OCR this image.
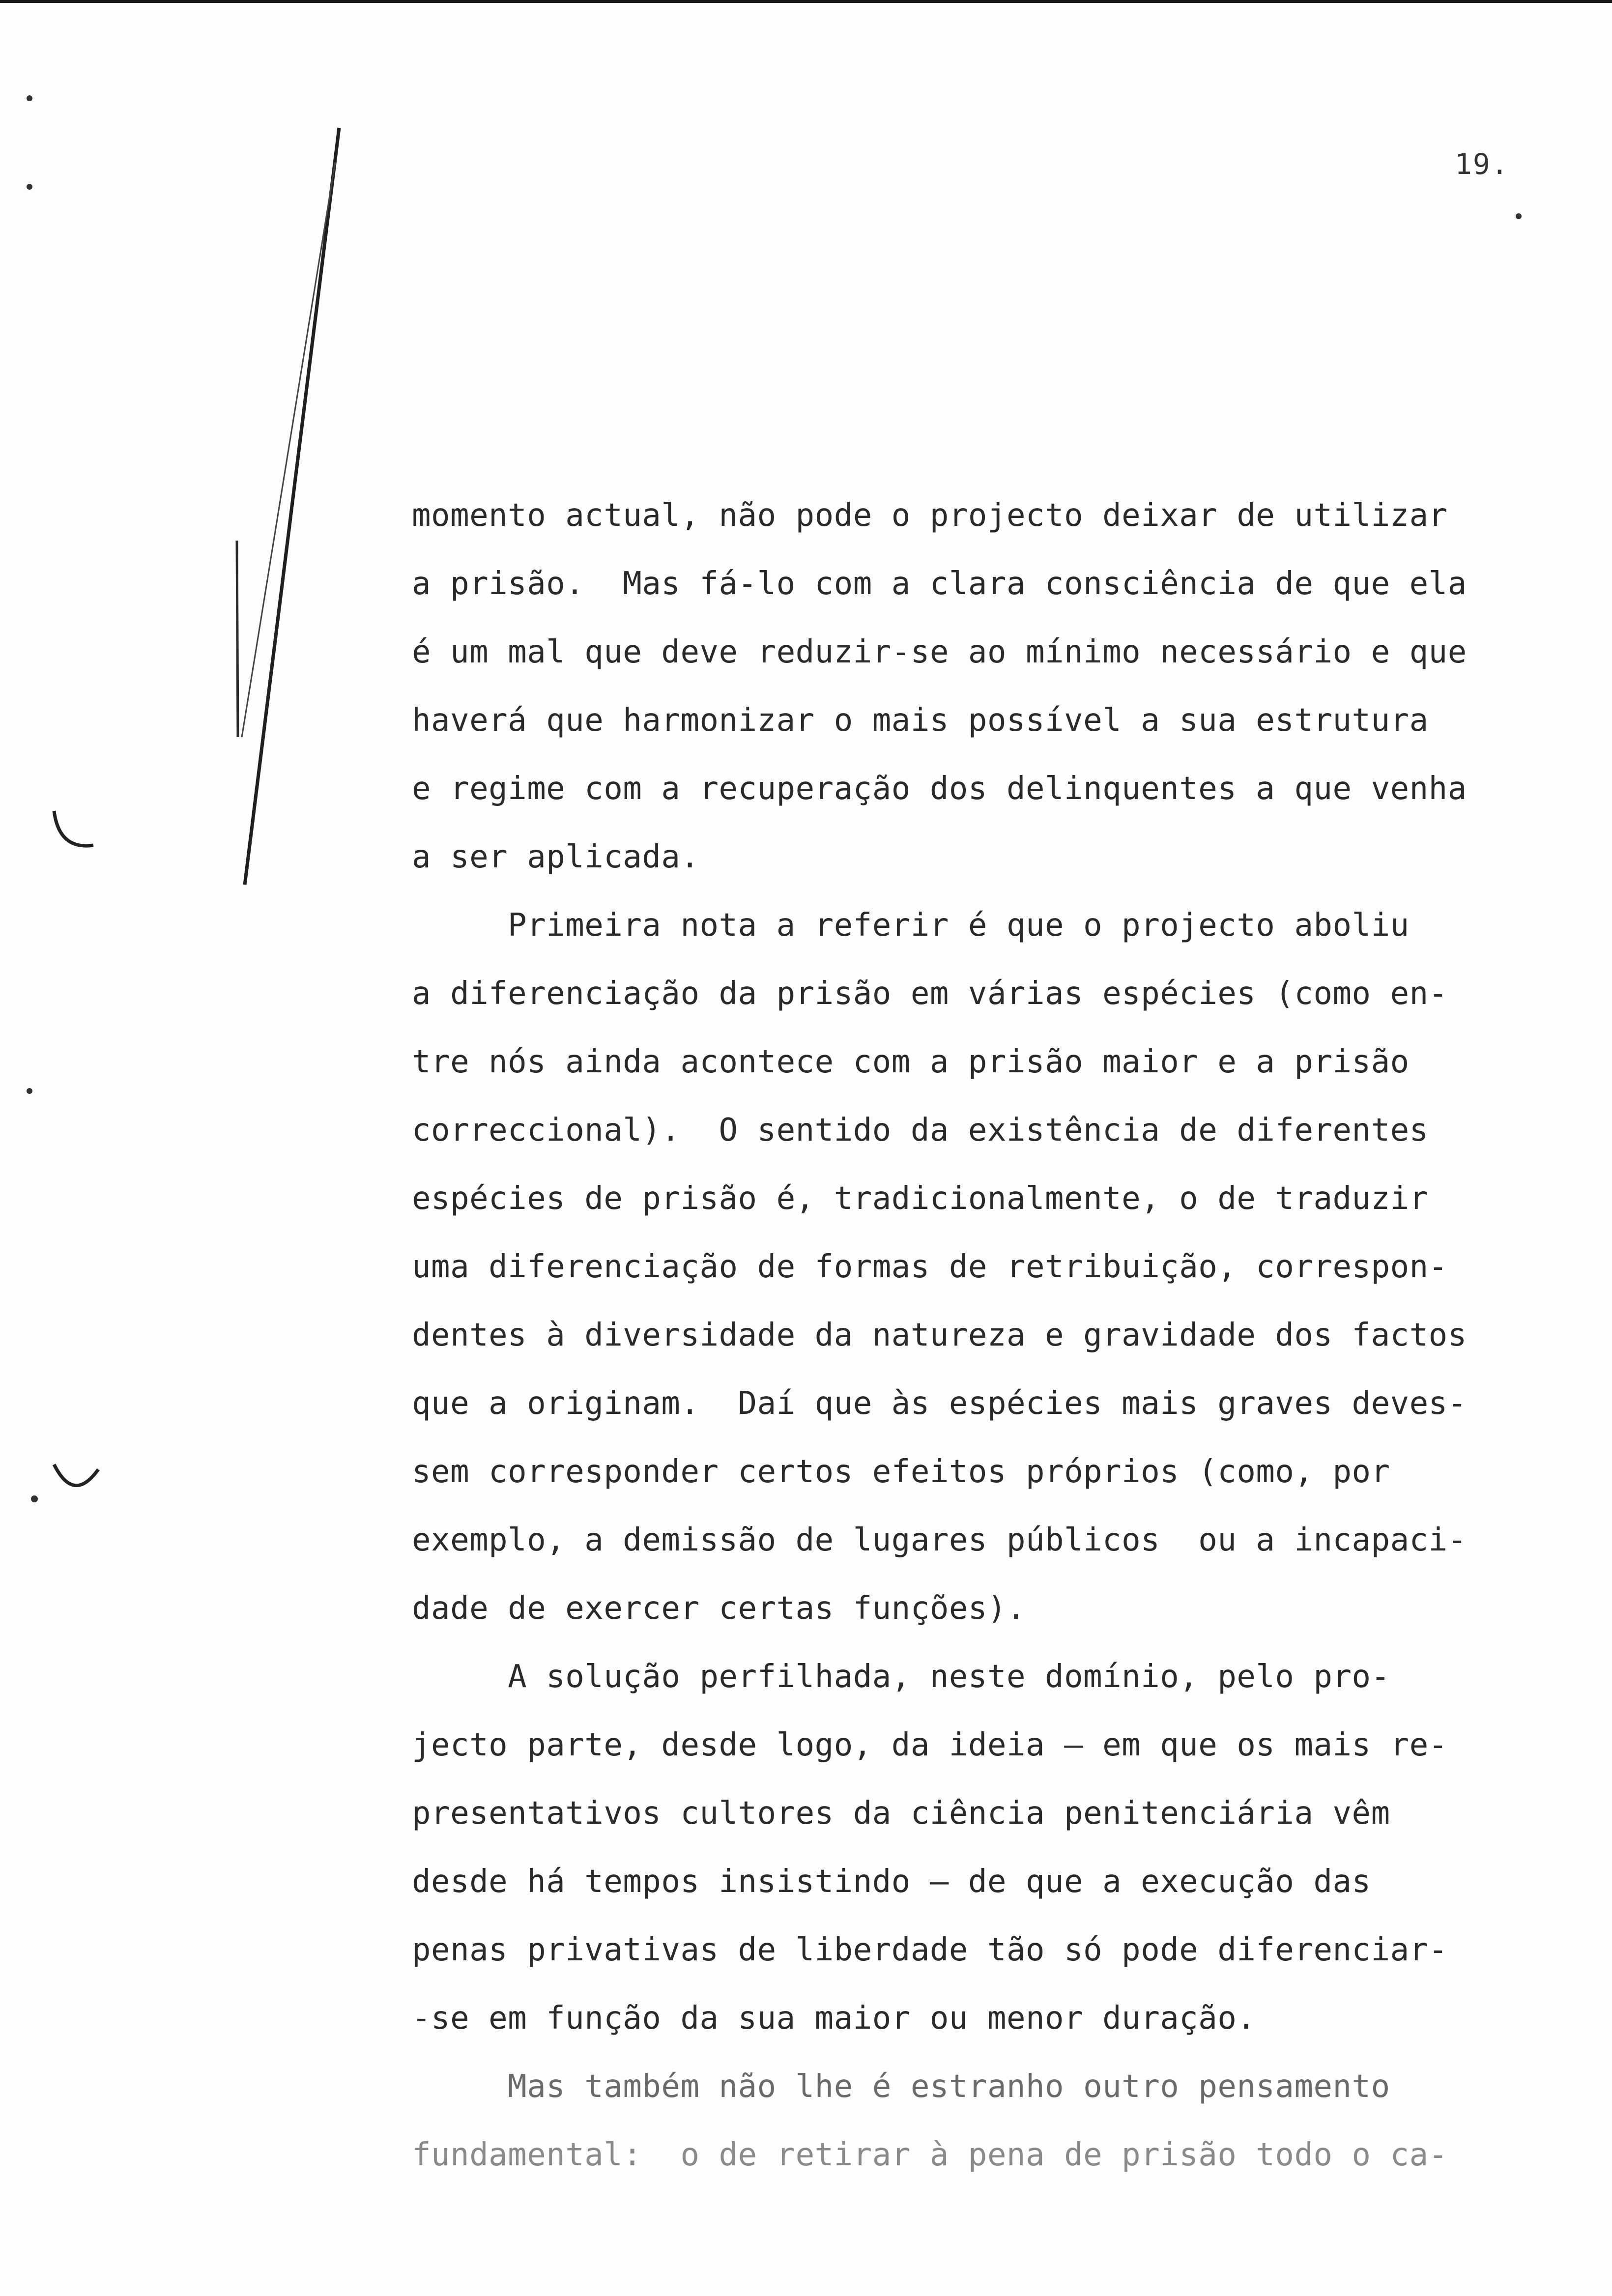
19.
momento actual, não pode o projecto deixar de utilizar
a prisão.  Mas fá-lo com a clara consciência de que ela
é um mal que deve reduzir-se ao mínimo necessário e que
haverá que harmonizar o mais possível a sua estrutura
e regime com a recuperação dos delinquentes a que venha
a ser aplicada.
Primeira nota a referir é que o projecto aboliu
a diferenciação da prisão em várias espécies (como en-
tre nós ainda acontece com a prisão maior e a prisão
correccional).  O sentido da existência de diferentes
espécies de prisão é, tradicionalmente, o de traduzir
uma diferenciação de formas de retribuição, correspon-
dentes à diversidade da natureza e gravidade dos factos
que a originam.  Daí que às espécies mais graves deves-
sem corresponder certos efeitos próprios (como, por
exemplo, a demissão de lugares públicos  ou a incapaci-
dade de exercer certas funções).
A solução perfilhada, neste domínio, pelo pro-
jecto parte, desde logo, da ideia — em que os mais re-
presentativos cultores da ciência penitenciária vêm
desde há tempos insistindo — de que a execução das
penas privativas de liberdade tão só pode diferenciar-
-se em função da sua maior ou menor duração.
Mas também não lhe é estranho outro pensamento
fundamental:  o de retirar à pena de prisão todo o ca-
